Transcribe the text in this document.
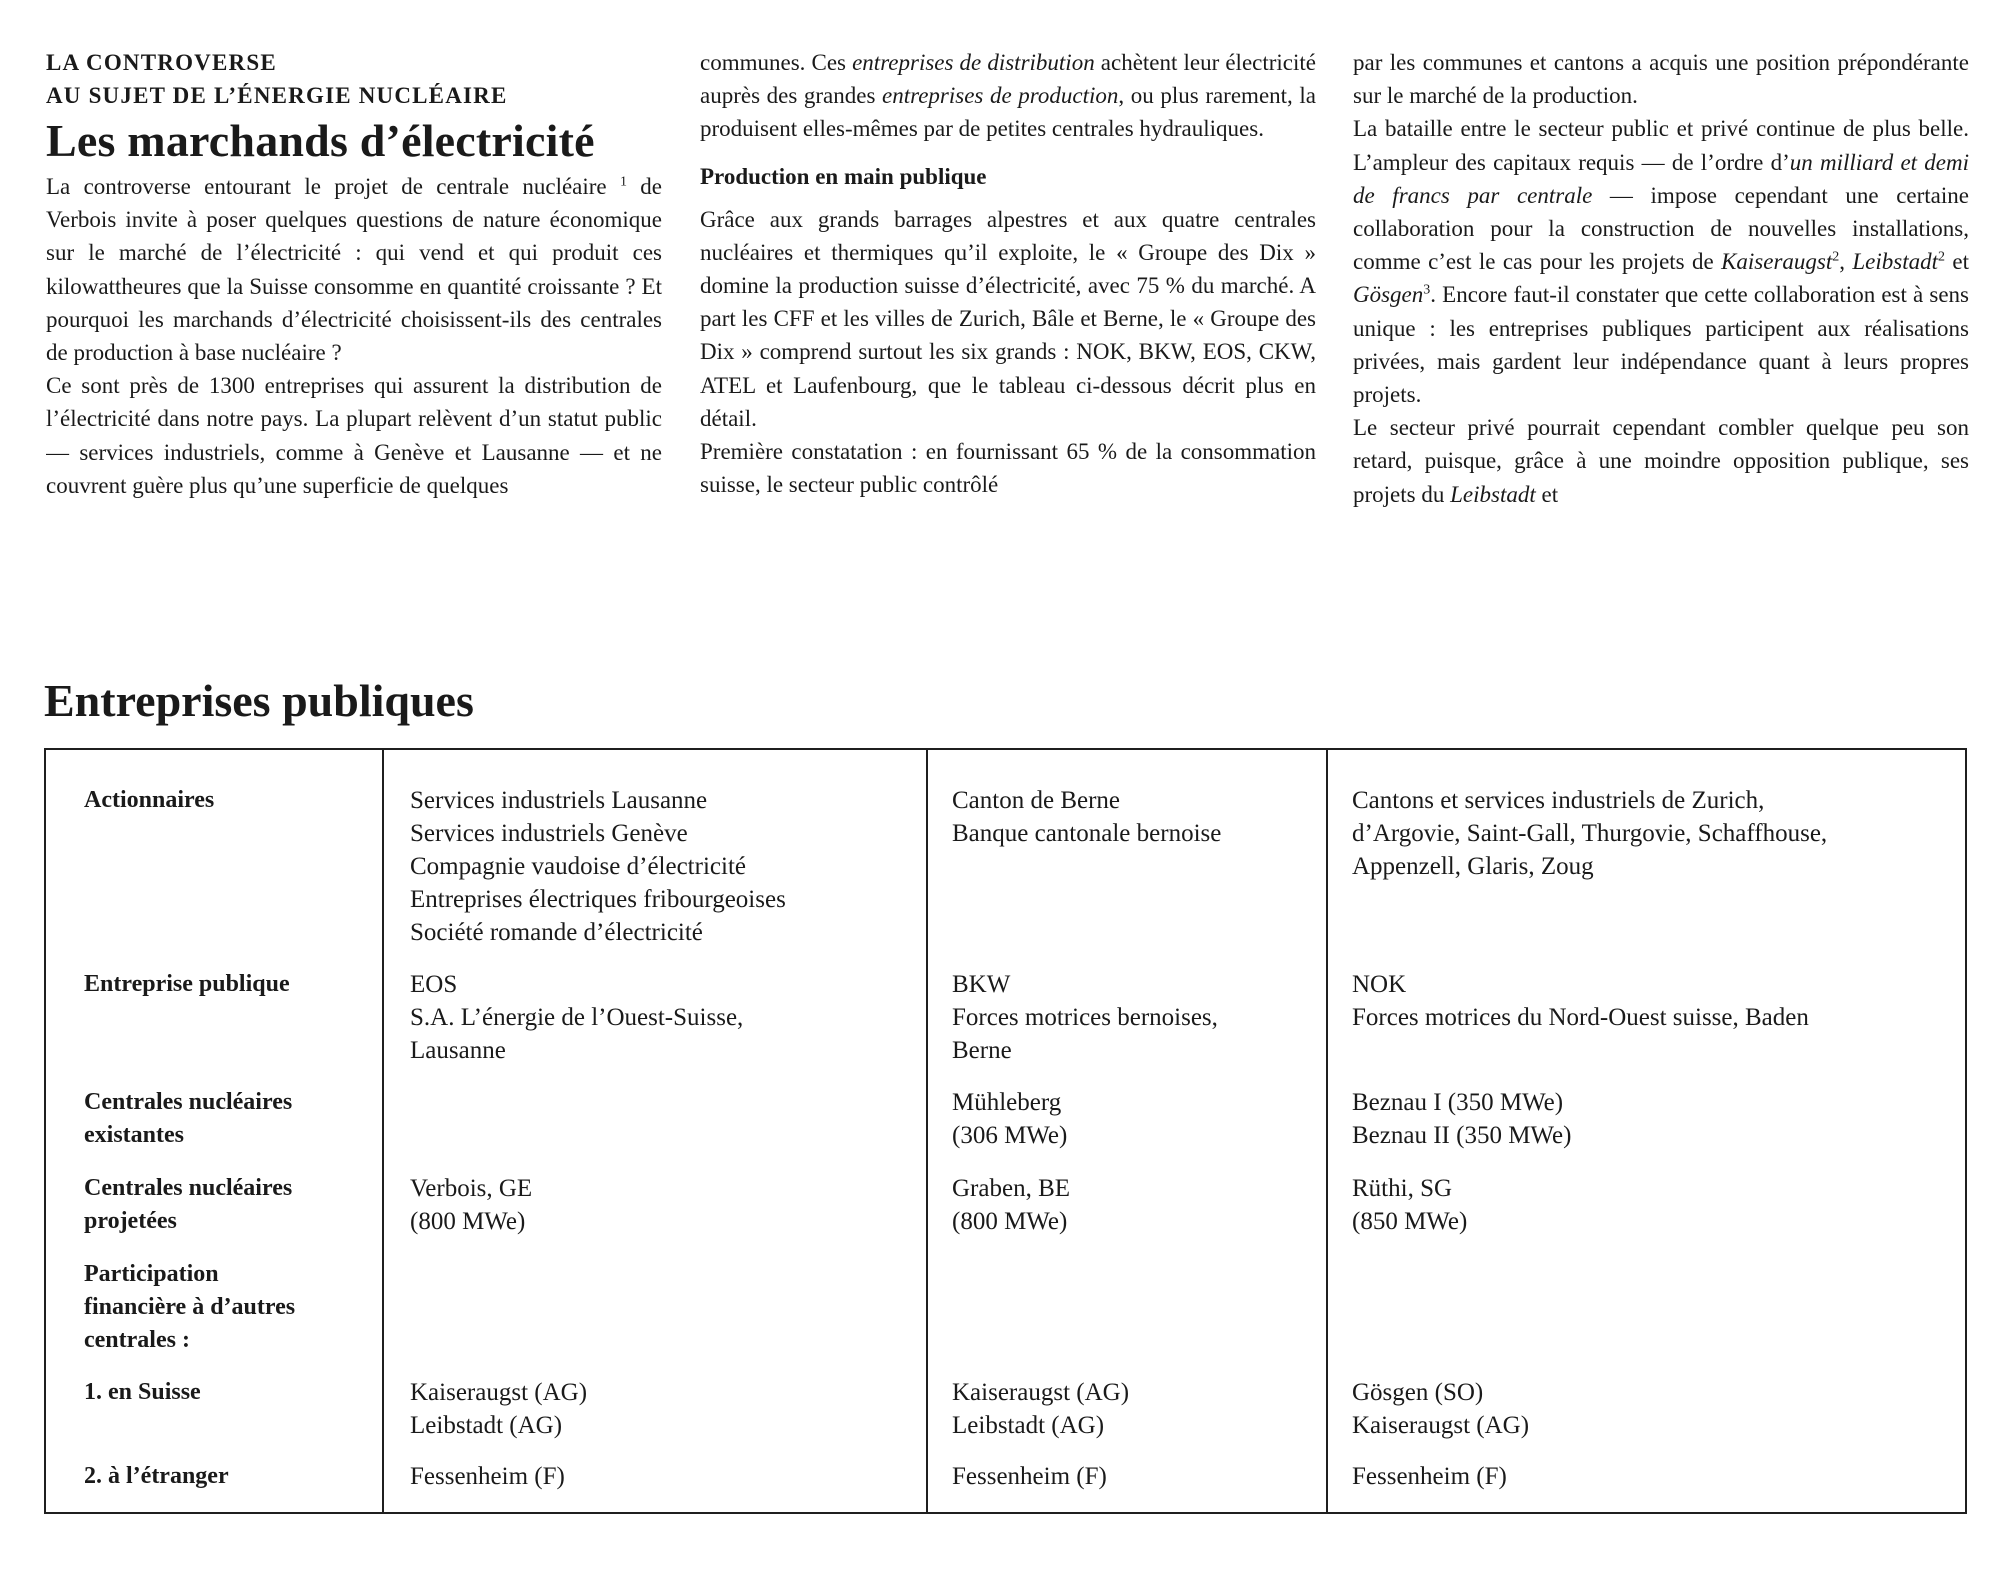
LA CONTROVERSE
AU SUJET DE L’ÉNERGIE NUCLÉAIRE
Les marchands d’électricité

La controverse entourant le projet de centrale nucléaire $^1$ de Verbois invite à poser quelques questions de nature économique sur le marché de l’électricité : qui vend et qui produit ces kilowattheures que la Suisse consomme en quantité croissante ? Et pourquoi les marchands d’électricité choisissent-ils des centrales de production à base nucléaire ?

Ce sont près de 1300 entreprises qui assurent la distribution de l’électricité dans notre pays. La plupart relèvent d’un statut public — services industriels, comme à Genève et Lausanne — et ne couvrent guère plus qu’une superficie de quelques

communes. Ces entreprises de distribution achètent leur électricité auprès des grandes entreprises de production, ou plus rarement, la produisent elles-mêmes par de petites centrales hydrauliques.

Production en main publique

Grâce aux grands barrages alpestres et aux quatre centrales nucléaires et thermiques qu’il exploite, le « Groupe des Dix » domine la production suisse d’électricité, avec 75 % du marché. A part les CFF et les villes de Zurich, Bâle et Berne, le « Groupe des Dix » comprend surtout les six grands : NOK, BKW, EOS, CKW, ATEL et Laufenbourg, que le tableau ci-dessous décrit plus en détail.

Première constatation : en fournissant 65 % de la consommation suisse, le secteur public contrôlé

par les communes et cantons a acquis une position prépondérante sur le marché de la production.

La bataille entre le secteur public et privé continue de plus belle. L’ampleur des capitaux requis — de l’ordre d’un milliard et demi de francs par centrale — impose cependant une certaine collaboration pour la construction de nouvelles installations, comme c’est le cas pour les projets de Kaiseraugst$^2$, Leibstadt$^2$ et Gösgen$^3$. Encore faut-il constater que cette collaboration est à sens unique : les entreprises publiques participent aux réalisations privées, mais gardent leur indépendance quant à leurs propres projets.

Le secteur privé pourrait cependant combler quelque peu son retard, puisque, grâce à une moindre opposition publique, ses projets du Leibstadt et

Entreprises publiques
Actionnaires
Entreprise publique
Centrales nucléaires
existantes
Centrales nucléaires
projetées
Participation
financière à d’autres
centrales :
1. en Suisse
2. à l’étranger
Services industriels Lausanne
Services industriels Genève
Compagnie vaudoise d’électricité
Entreprises électriques fribourgeoises
Société romande d’électricité
EOS
S.A. L’énergie de l’Ouest-Suisse,
Lausanne
Verbois, GE
(800 MWe)
Kaiseraugst (AG)
Leibstadt (AG)
Fessenheim (F)
Canton de Berne
Banque cantonale bernoise
BKW
Forces motrices bernoises,
Berne
Mühleberg
(306 MWe)
Graben, BE
(800 MWe)
Kaiseraugst (AG)
Leibstadt (AG)
Fessenheim (F)
Cantons et services industriels de Zurich,
d’Argovie, Saint-Gall, Thurgovie, Schaffhouse,
Appenzell, Glaris, Zoug
NOK
Forces motrices du Nord-Ouest suisse, Baden
Beznau I (350 MWe)
Beznau II (350 MWe)
Rüthi, SG
(850 MWe)
Gösgen (SO)
Kaiseraugst (AG)
Fessenheim (F)
